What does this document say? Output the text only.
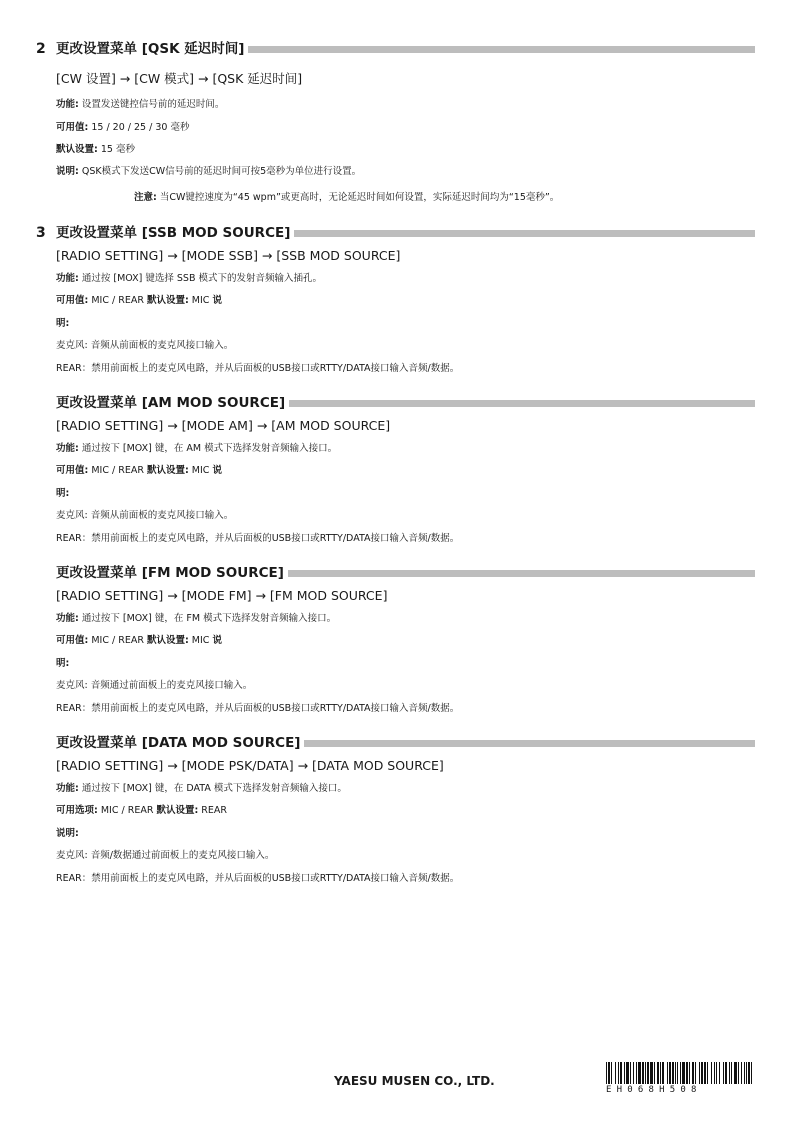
2 更改设置菜单 [QSK 延迟时间]
[CW 设置] → [CW 模式] → [QSK 延迟时间]
功能: 设置发送键控信号前的延迟时间。
可用值: 15 / 20 / 25 / 30 毫秒
默认设置: 15 毫秒
说明: QSK模式下发送CW信号前的延迟时间可按5毫秒为单位进行设置。
注意: 当CW键控速度为“45 wpm”或更高时，无论延迟时间如何设置，实际延迟时间均为“15毫秒”。
3 更改设置菜单 [SSB MOD SOURCE]
[RADIO SETTING] → [MODE SSB] → [SSB MOD SOURCE]
功能: 通过按 [MOX] 键选择 SSB 模式下的发射音频输入插孔。
可用值: MIC / REAR 默认设置: MIC 说
明:
麦克风: 音频从前面板的麦克风接口输入。
REAR：禁用前面板上的麦克风电路，并从后面板的USB接口或RTTY/DATA接口输入音频/数据。
更改设置菜单 [AM MOD SOURCE]
[RADIO SETTING] → [MODE AM] → [AM MOD SOURCE]
功能: 通过按下 [MOX] 键，在 AM 模式下选择发射音频输入接口。
可用值: MIC / REAR 默认设置: MIC 说
明:
麦克风: 音频从前面板的麦克风接口输入。
REAR：禁用前面板上的麦克风电路，并从后面板的USB接口或RTTY/DATA接口输入音频/数据。
更改设置菜单 [FM MOD SOURCE]
[RADIO SETTING] → [MODE FM] → [FM MOD SOURCE]
功能: 通过按下 [MOX] 键，在 FM 模式下选择发射音频输入接口。
可用值: MIC / REAR 默认设置: MIC 说
明:
麦克风: 音频通过前面板上的麦克风接口输入。
REAR：禁用前面板上的麦克风电路，并从后面板的USB接口或RTTY/DATA接口输入音频/数据。
更改设置菜单 [DATA MOD SOURCE]
[RADIO SETTING] → [MODE PSK/DATA] → [DATA MOD SOURCE]
功能: 通过按下 [MOX] 键，在 DATA 模式下选择发射音频输入接口。
可用选项: MIC / REAR 默认设置: REAR
说明:
麦克风: 音频/数据通过前面板上的麦克风接口输入。
REAR：禁用前面板上的麦克风电路，并从后面板的USB接口或RTTY/DATA接口输入音频/数据。
YAESU MUSEN CO., LTD.
EH068H508
